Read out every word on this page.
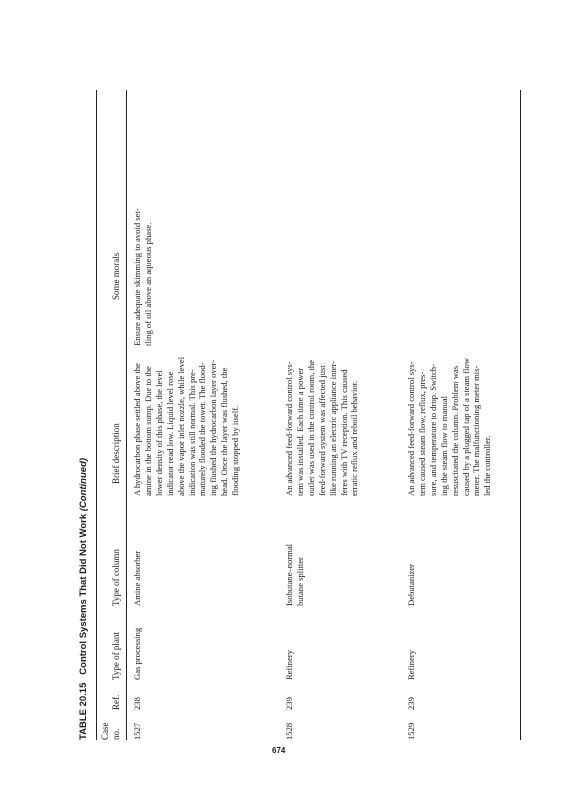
TABLE 20.15   Control Systems That Did Not Work (Continued)
Case no.
Ref.
Type of plant
Type of column
Brief description
Some morals
1527
238
Gas processing
Amine absorber
A hydrocarbon phase settled above the amine in the bottom sump. Due to the lower density of this phase, the level indicator read low. Liquid level rose above the vapor inlet nozzle, while level indication was still normal. This pre- maturely flooded the tower. The flood- ing flushed the hydrocarbon layer over- head. Once the layer was flushed, the flooding stopped by itself.
Ensure adequate skimming to avoid set- tling of oil above an aqueous phase.
1528
239
Refinery
Isobutane–normal butane splitter
An advanced feed-forward control sys- tem was installed. Each time a power outlet was used in the control room, the feed-forward system was affected just like running an electric appliance inter- feres with TV reception. This caused erratic reflux and reboil behavior.
1529
239
Refinery
Debutanizer
An advanced feed-forward control sys- tem caused steam flow, reflux, pres- sure, and temperature to drop. Switch- ing the steam flow to manual resuscitated the column. Problem was caused by a plugged tap of a steam flow meter. The malfunctioning meter mis- led the controller.
674
